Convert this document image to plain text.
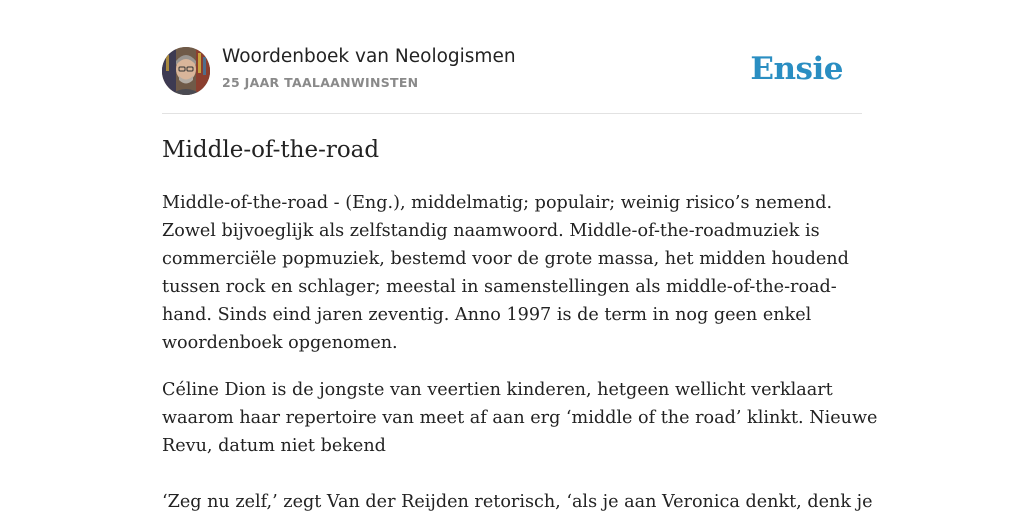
Woordenboek van Neologismen
25 JAAR TAALAANWINSTEN	Ensie
Middle-of-the-road

Middle-of-the-road - (Eng.), middelmatig; populair; weinig risico’s nemend.
Zowel bijvoeglijk als zelfstandig naamwoord. Middle-of-the-roadmuziek is
commerciële popmuziek, bestemd voor de grote massa, het midden houdend
tussen rock en schlager; meestal in samenstellingen als middle-of-the-road-
hand. Sinds eind jaren zeventig. Anno 1997 is de term in nog geen enkel
woordenboek opgenomen.

Céline Dion is de jongste van veertien kinderen, hetgeen wellicht verklaart
waarom haar repertoire van meet af aan erg ‘middle of the road’ klinkt. Nieuwe
Revu, datum niet bekend

‘Zeg nu zelf,’ zegt Van der Reijden retorisch, ‘als je aan Veronica denkt, denk je
